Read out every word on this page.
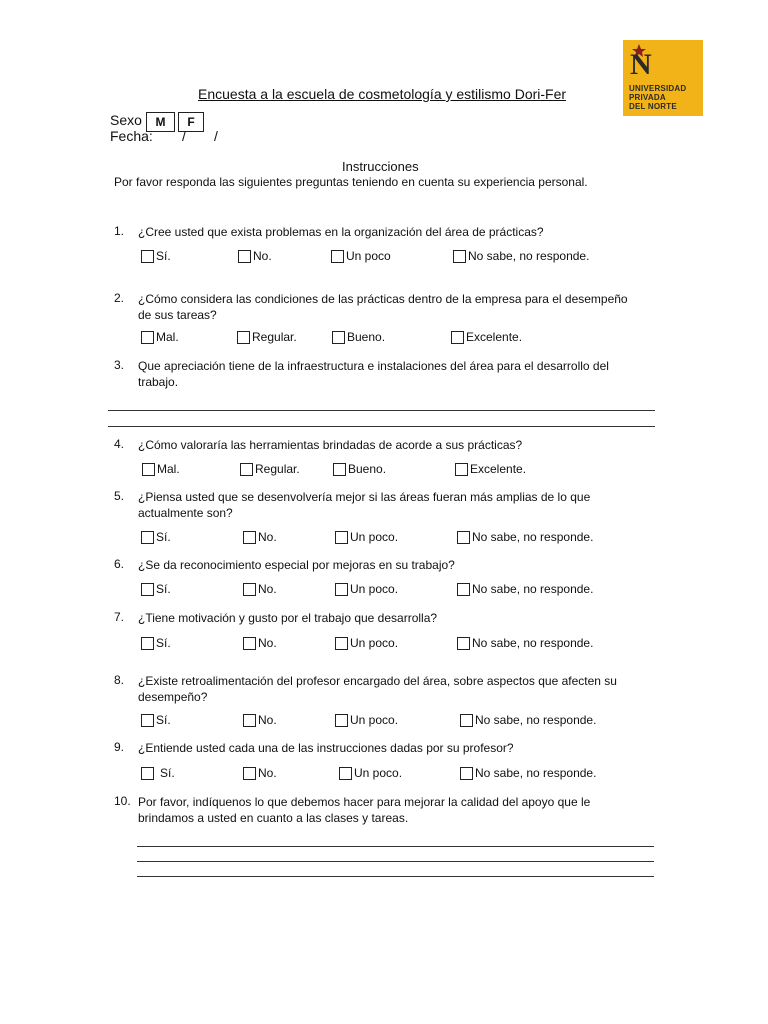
Encuesta a la escuela de cosmetología y estilismo Dori-Fer
N
UNIVERSIDAD
PRIVADA
DEL NORTE
Sexo	M	F
Fecha: / /
Instrucciones
Por favor responda las siguientes preguntas teniendo en cuenta su experiencia personal.
1. ¿Cree usted que exista problemas en la organización del área de prácticas?
Sí.	No.	Un poco	No sabe, no responde.
2. ¿Cómo considera las condiciones de las prácticas dentro de la empresa para el desempeño de sus tareas?
Mal.	Regular.	Bueno.	Excelente.
3. Que apreciación tiene de la infraestructura e instalaciones del área para el desarrollo del trabajo.
4. ¿Cómo valoraría las herramientas brindadas de acorde a sus prácticas?
Mal.	Regular.	Bueno.	Excelente.
5. ¿Piensa usted que se desenvolvería mejor si las áreas fueran más amplias de lo que actualmente son?
Sí.	No.	Un poco.	No sabe, no responde.
6. ¿Se da reconocimiento especial por mejoras en su trabajo?
Sí.	No.	Un poco.	No sabe, no responde.
7. ¿Tiene motivación y gusto por el trabajo que desarrolla?
Sí.	No.	Un poco.	No sabe, no responde.
8. ¿Existe retroalimentación del profesor encargado del área, sobre aspectos que afecten su desempeño?
Sí.	No.	Un poco.	No sabe, no responde.
9. ¿Entiende usted cada una de las instrucciones dadas por su profesor?
Sí.	No.	Un poco.	No sabe, no responde.
10. Por favor, indíquenos lo que debemos hacer para mejorar la calidad del apoyo que le brindamos a usted en cuanto a las clases y tareas.
